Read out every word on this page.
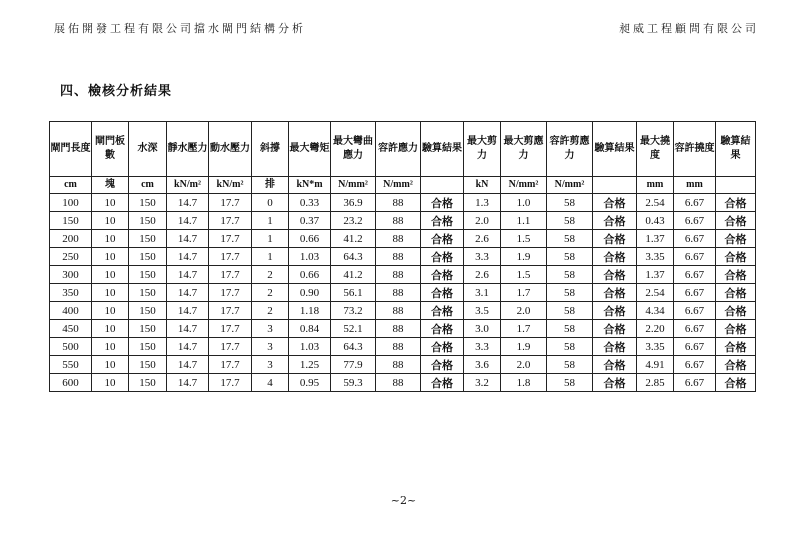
展佑開發工程有限公司擋水閘門結構分析	昶威工程顧問有限公司
四、檢核分析結果
閘門長度	閘門板數	水深	靜水壓力	動水壓力	斜撐	最大彎矩	最大彎曲應力	容許應力	驗算結果	最大剪力	最大剪應力	容許剪應力	驗算結果	最大撓度	容許撓度	驗算結果

cm	塊	cm	kN/m²	kN/m²	排	kN*m	N/mm²	N/mm²		kN	N/mm²	N/mm²		mm	mm	
100	10	150	14.7	17.7	0	0.33	36.9	88	合格	1.3	1.0	58	合格	2.54	6.67	合格
150	10	150	14.7	17.7	1	0.37	23.2	88	合格	2.0	1.1	58	合格	0.43	6.67	合格
200	10	150	14.7	17.7	1	0.66	41.2	88	合格	2.6	1.5	58	合格	1.37	6.67	合格
250	10	150	14.7	17.7	1	1.03	64.3	88	合格	3.3	1.9	58	合格	3.35	6.67	合格
300	10	150	14.7	17.7	2	0.66	41.2	88	合格	2.6	1.5	58	合格	1.37	6.67	合格
350	10	150	14.7	17.7	2	0.90	56.1	88	合格	3.1	1.7	58	合格	2.54	6.67	合格
400	10	150	14.7	17.7	2	1.18	73.2	88	合格	3.5	2.0	58	合格	4.34	6.67	合格
450	10	150	14.7	17.7	3	0.84	52.1	88	合格	3.0	1.7	58	合格	2.20	6.67	合格
500	10	150	14.7	17.7	3	1.03	64.3	88	合格	3.3	1.9	58	合格	3.35	6.67	合格
550	10	150	14.7	17.7	3	1.25	77.9	88	合格	3.6	2.0	58	合格	4.91	6.67	合格
600	10	150	14.7	17.7	4	0.95	59.3	88	合格	3.2	1.8	58	合格	2.85	6.67	合格
~2~
